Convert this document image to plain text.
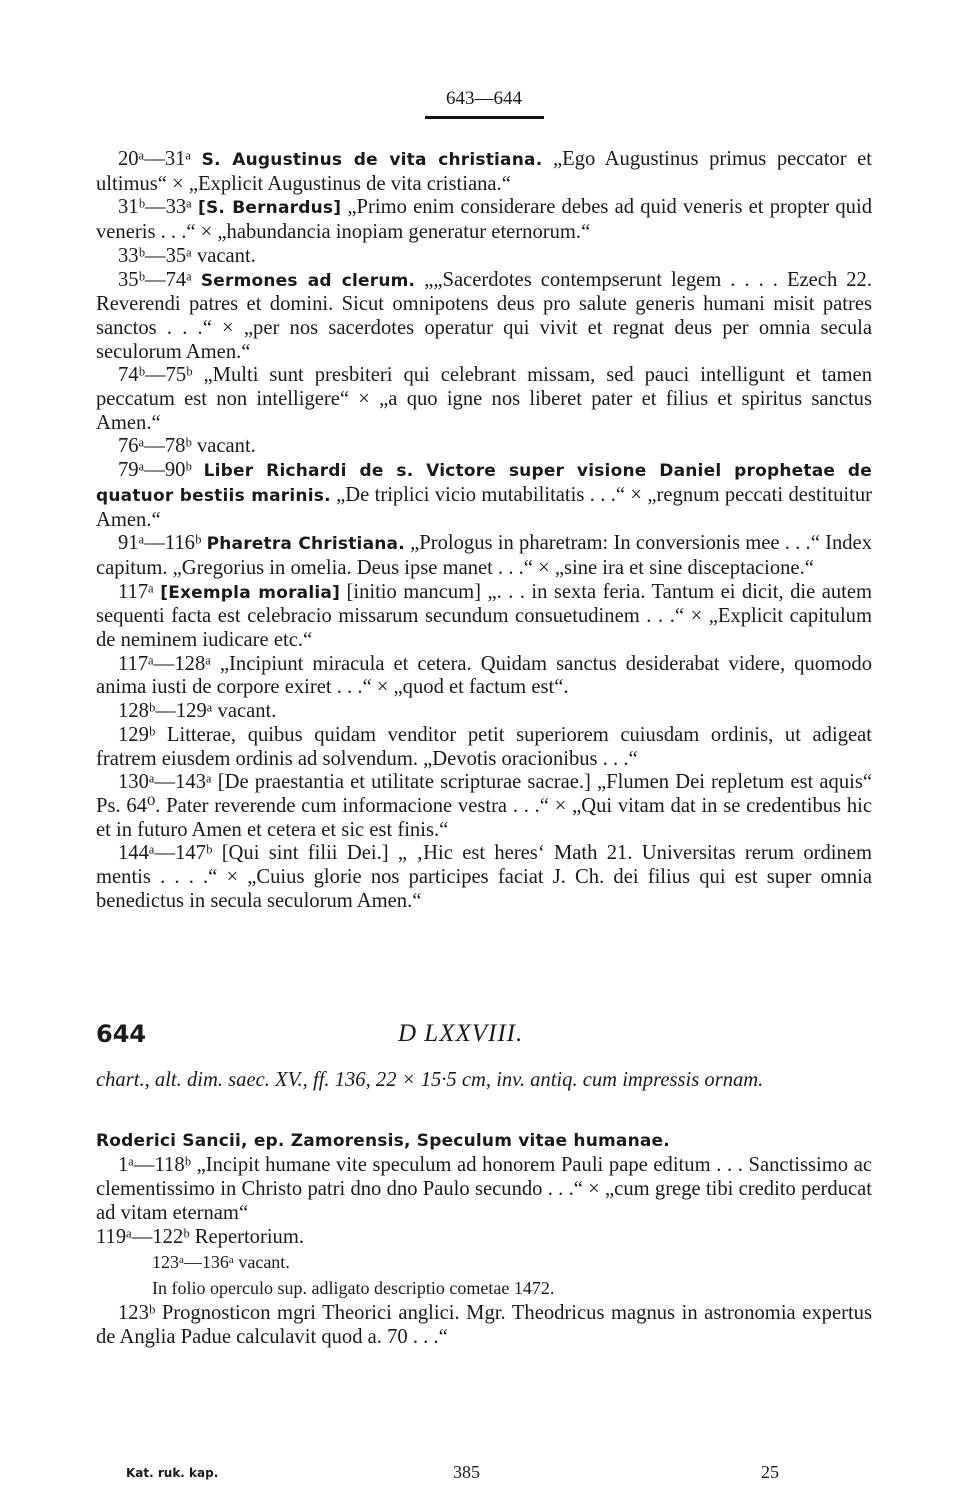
643—644

20ᵃ—31ᵃ S. Augustinus de vita christiana. „Ego Augustinus primus peccator et ultimus“ × „Explicit Augustinus de vita cristiana.“

31ᵇ—33ᵃ [S. Bernardus] „Primo enim considerare debes ad quid veneris et propter quid veneris . . .“ × „habundancia inopiam generatur eternorum.“

33ᵇ—35ᵃ vacant.

35ᵇ—74ᵃ Sermones ad clerum. „„Sacerdotes contempserunt legem . . . . Ezech 22. Reverendi patres et domini. Sicut omnipotens deus pro salute generis humani misit patres sanctos . . .“ × „per nos sacerdotes operatur qui vivit et regnat deus per omnia secula seculorum Amen.“

74ᵇ—75ᵇ „Multi sunt presbiteri qui celebrant missam, sed pauci intelligunt et tamen peccatum est non intelligere“ × „a quo igne nos liberet pater et filius et spiritus sanctus Amen.“

76ᵃ—78ᵇ vacant.

79ᵃ—90ᵇ Liber Richardi de s. Victore super visione Daniel prophetae de quatuor bestiis marinis. „De triplici vicio mutabilitatis . . .“ × „regnum peccati destituitur Amen.“

91ᵃ—116ᵇ Pharetra Christiana. „Prologus in pharetram: In conversionis mee . . .“ Index capitum. „Gregorius in omelia. Deus ipse manet . . .“ × „sine ira et sine disceptacione.“

117ᵃ [Exempla moralia] [initio mancum] „. . . in sexta feria. Tantum ei dicit, die autem sequenti facta est celebracio missarum secundum consuetudinem . . .“ × „Explicit capitulum de neminem iudicare etc.“

117ᵃ—128ᵃ „Incipiunt miracula et cetera. Quidam sanctus desiderabat videre, quomodo anima iusti de corpore exiret . . .“ × „quod et factum est“.

128ᵇ—129ᵃ vacant.

129ᵇ Litterae, quibus quidam venditor petit superiorem cuiusdam ordinis, ut adigeat fratrem eiusdem ordinis ad solvendum. „Devotis oracionibus . . .“

130ᵃ—143ᵃ [De praestantia et utilitate scripturae sacrae.] „Flumen Dei repletum est aquis“ Ps. 64⁰. Pater reverende cum informacione vestra . . .“ × „Qui vitam dat in se credentibus hic et in futuro Amen et cetera et sic est finis.“

144ᵃ—147ᵇ [Qui sint filii Dei.] „ ‚Hic est heres‘ Math 21. Universitas rerum ordinem mentis . . . .“ × „Cuius glorie nos participes faciat J. Ch. dei filius qui est super omnia benedictus in secula seculorum Amen.“

644	D LXXVIII.
chart., alt. dim. saec. XV., ff. 136, 22 × 15·5 cm, inv. antiq. cum impressis ornam.

Roderici Sancii, ep. Zamorensis, Speculum vitae humanae.

1ᵃ—118ᵇ „Incipit humane vite speculum ad honorem Pauli pape editum . . . Sanctissimo ac clementissimo in Christo patri dno dno Paulo secundo . . .“ × „cum grege tibi credito perducat ad vitam eternam“

119ᵃ—122ᵇ Repertorium.

123ᵃ—136ᵃ vacant.

In folio operculo sup. adligato descriptio cometae 1472.

123ᵇ Prognosticon mgri Theorici anglici. Mgr. Theodricus magnus in astronomia expertus de Anglia Padue calculavit quod a. 70 . . .“

Kat. ruk. kap.	385	25
